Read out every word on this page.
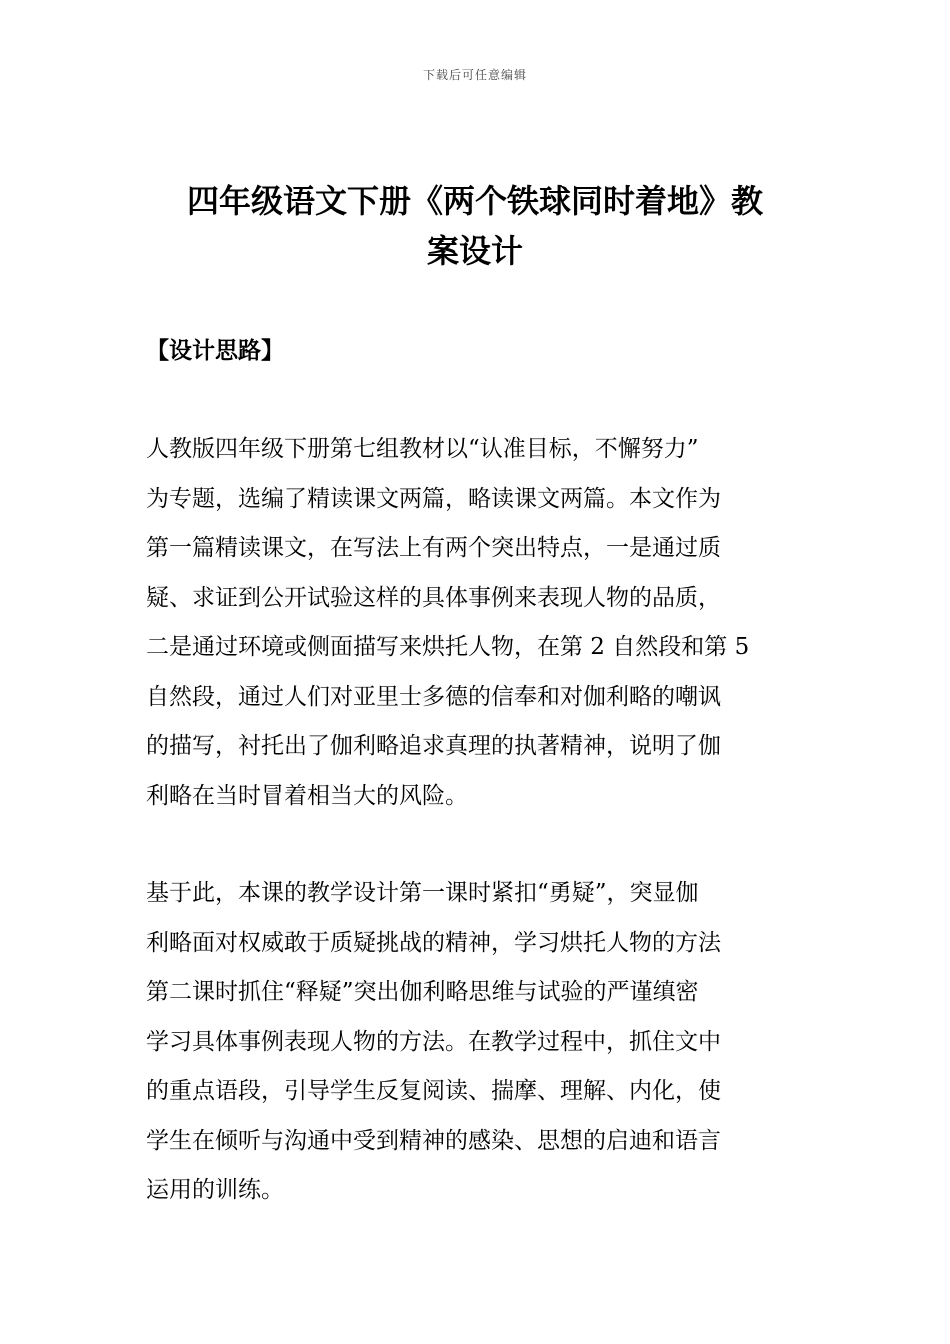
下载后可任意编辑
四年级语文下册《两个铁球同时着地》教
案设计
【设计思路】

人教版四年级下册第七组教材以“认准目标，不懈努力”
为专题，选编了精读课文两篇，略读课文两篇。本文作为
第一篇精读课文，在写法上有两个突出特点，一是通过质
疑、求证到公开试验这样的具体事例来表现人物的品质，
二是通过环境或侧面描写来烘托人物，在第 2 自然段和第 5
自然段，通过人们对亚里士多德的信奉和对伽利略的嘲讽
的描写，衬托出了伽利略追求真理的执著精神，说明了伽
利略在当时冒着相当大的风险。

基于此，本课的教学设计第一课时紧扣“勇疑”，突显伽
利略面对权威敢于质疑挑战的精神，学习烘托人物的方法
第二课时抓住“释疑”突出伽利略思维与试验的严谨缜密
学习具体事例表现人物的方法。在教学过程中，抓住文中
的重点语段，引导学生反复阅读、揣摩、理解、内化，使
学生在倾听与沟通中受到精神的感染、思想的启迪和语言
运用的训练。
